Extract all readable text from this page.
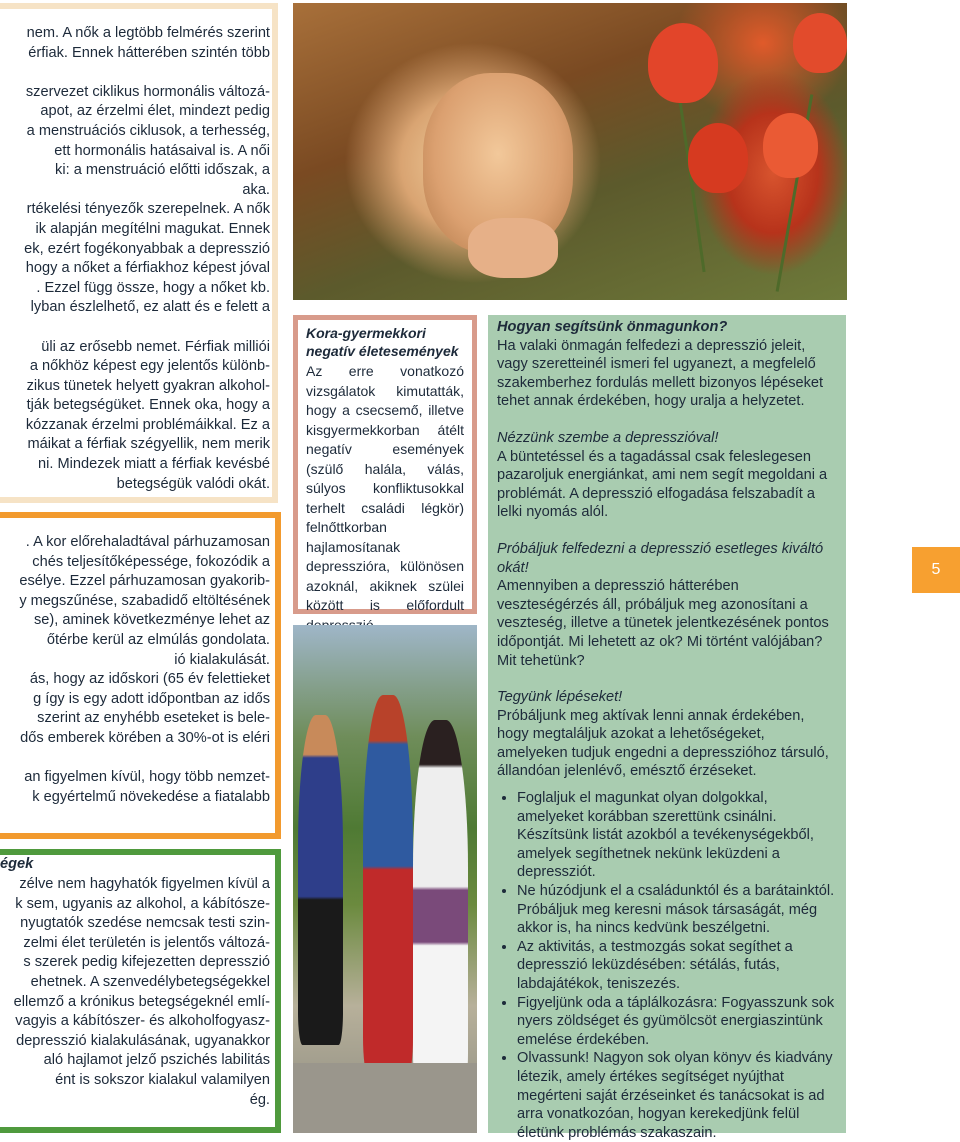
nem. A nők a legtöbb felmérés szerint
érfiak. Ennek hátterében szintén több
szervezet ciklikus hormonális változá-
apot, az érzelmi élet, mindezt pedig
a menstruációs ciklusok, a terhesség,
ett hormonális hatásaival is. A női
ki: a menstruáció előtti időszak, a
aka.
rtékelési tényezők szerepelnek. A nők
ik alapján megítélni magukat. Ennek
ek, ezért fogékonyabbak a depresszió
hogy a nőket a férfiakhoz képest jóval
. Ezzel függ össze, hogy a nőket kb.
lyban észlelhető, ez alatt és e felett a
üli az erősebb nemet. Férfiak milliói
a nőkhöz képest egy jelentős különb-
zikus tünetek helyett gyakran alkohol-
tják betegségüket. Ennek oka, hogy a
kózzanak érzelmi problémáikkal. Ez a
máikat a férfiak szégyellik, nem merik
ni. Mindezek miatt a férfiak kevésbé
betegségük valódi okát.

. A kor előrehaladtával párhuzamosan
chés teljesítőképessége, fokozódik a
esélye. Ezzel párhuzamosan gyakorib-
y megszűnése, szabadidő eltöltésének
se), aminek következménye lehet az
őtérbe kerül az elmúlás gondolata.
ió kialakulását.
ás, hogy az időskori (65 év felettieket
g így is egy adott időpontban az idős
szerint az enyhébb eseteket is bele-
dős emberek körében a 30%-ot is eléri
an figyelmen kívül, hogy több nemzet-
k egyértelmű növekedése a fiatalabb

égek

zélve nem hagyhatók figyelmen kívül a
k sem, ugyanis az alkohol, a kábítósze-
nyugtatók szedése nemcsak testi szin-
zelmi élet területén is jelentős változá-
s szerek pedig kifejezetten depresszió
ehetnek. A szenvedélybetegségekkel
ellemző a krónikus betegségeknél emlí-
vagyis a kábítószer- és alkoholfogyasz-
depresszió kialakulásának, ugyanakkor
aló hajlamot jelző pszichés labilitás
ént is sokszor kialakul valamilyen
ég.

Kora-gyermekkori negatív életesemények

Az erre vonatkozó vizsgálatok kimutatták, hogy a csecsemő, illetve kisgyermekkorban átélt negatív események (szülő halála, válás, súlyos konfliktusokkal terhelt családi légkör) felnőttkorban hajlamosítanak depresszióra, különösen azoknál, akiknek szülei között is előfordult

Hogyan segítsünk önmagunkon?

Ha valaki önmagán felfedezi a depresszió jeleit, vagy szeretteinél ismeri fel ugyanezt, a megfelelő szakemberhez fordulás mellett bizonyos lépéseket tehet annak érdekében, hogy uralja a helyzetet.

Nézzünk szembe a depresszióval!

A büntetéssel és a tagadással csak feleslegesen pazaroljuk energiánkat, ami nem segít megoldani a problémát. A depresszió elfogadása felszabadít a lelki nyomás alól.

Próbáljuk felfedezni a depresszió esetleges kiváltó okát!

Amennyiben a depresszió hátterében veszteségérzés áll, próbáljuk meg azonosítani a veszteség, illetve a tünetek jelentkezésének pontos időpontját. Mi lehetett az ok? Mi történt valójában? Mit tehetünk?

Tegyünk lépéseket!

Próbáljunk meg aktívak lenni annak érdekében, hogy megtaláljuk azokat a lehetőségeket, amelyeken tudjuk engedni a depresszióhoz társuló, állandóan jelenlévő, emésztő érzéseket.

• Foglaljuk el magunkat olyan dolgokkal, amelyeket korábban szerettünk csinálni. Készítsünk listát azokból a tevékenységekből, amelyek segíthetnek nekünk leküzdeni a depressziót.
• Ne húzódjunk el a családunktól és a barátainktól. Próbáljuk meg keresni mások társaságát, még akkor is, ha nincs kedvünk beszélgetni.
• Az aktivitás, a testmozgás sokat segíthet a depresszió leküzdésében: sétálás, futás, labdajátékok, teniszezés.
• Figyeljünk oda a táplálkozásra: Fogyasszunk sok nyers zöldséget és gyümölcsöt energiaszintünk emelése érdekében.
• Olvassunk! Nagyon sok olyan könyv és kiadvány létezik, amely értékes segítséget nyújthat megérteni saját érzéseinket és tanácsokat is ad arra vonatkozóan, hogyan kerekedjünk felül életünk problémás szakaszain.
5
